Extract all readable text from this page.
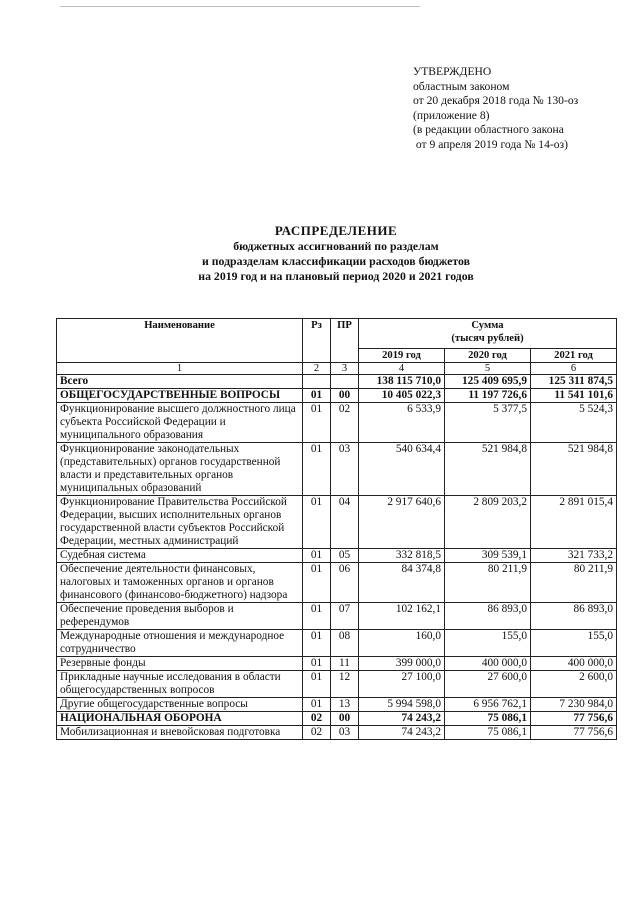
УТВЕРЖДЕНО
областным законом
от 20 декабря 2018 года № 130-оз
(приложение 8)
(в редакции областного закона
от 9 апреля 2019 года № 14-оз)
РАСПРЕДЕЛЕНИЕ
бюджетных ассигнований по разделам
и подразделам классификации расходов бюджетов
на 2019 год и на плановый период 2020 и 2021 годов
Наименование	Рз	ПР	Сумма
(тысяч рублей)		

			2019 год	2020 год	2021 год
1	2	3	4	5	6
Всего			138 115 710,0	125 409 695,9	125 311 874,5
ОБЩЕГОСУДАРСТВЕННЫЕ ВОПРОСЫ	01	00	10 405 022,3	11 197 726,6	11 541 101,6
Функционирование высшего должностного лица субъекта Российской Федерации и муниципального образования	01	02	6 533,9	5 377,5	5 524,3
Функционирование законодательных (представительных) органов государственной власти и представительных органов муниципальных образований	01	03	540 634,4	521 984,8	521 984,8
Функционирование Правительства Российской Федерации, высших исполнительных органов государственной власти субъектов Российской Федерации, местных администраций	01	04	2 917 640,6	2 809 203,2	2 891 015,4
Судебная система	01	05	332 818,5	309 539,1	321 733,2
Обеспечение деятельности финансовых, налоговых и таможенных органов и органов финансового (финансово-бюджетного) надзора	01	06	84 374,8	80 211,9	80 211,9
Обеспечение проведения выборов и референдумов	01	07	102 162,1	86 893,0	86 893,0
Международные отношения и международное сотрудничество	01	08	160,0	155,0	155,0
Резервные фонды	01	11	399 000,0	400 000,0	400 000,0
Прикладные научные исследования в области общегосударственных вопросов	01	12	27 100,0	27 600,0	2 600,0
Другие общегосударственные вопросы	01	13	5 994 598,0	6 956 762,1	7 230 984,0
НАЦИОНАЛЬНАЯ ОБОРОНА	02	00	74 243,2	75 086,1	77 756,6
Мобилизационная и вневойсковая подготовка	02	03	74 243,2	75 086,1	77 756,6
